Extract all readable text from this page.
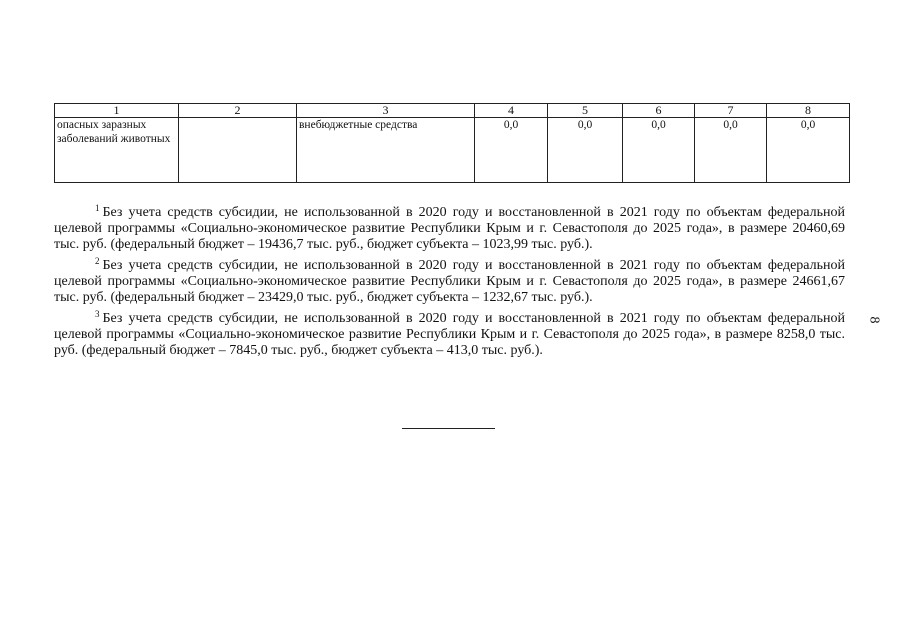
1	2	3	4	5	6	7	8
опасных заразных заболеваний животных		внебюджетные средства	0,0	0,0	0,0	0,0	0,0

$^1$ Без учета средств субсидии, не использованной в 2020 году и восстановленной в 2021 году по объектам федеральной целевой программы «Социально-экономическое развитие Республики Крым и г. Севастополя до 2025 года», в размере 20460,69 тыс. руб. (федеральный бюджет – 19436,7 тыс. руб., бюджет субъекта – 1023,99 тыс. руб.).

$^2$ Без учета средств субсидии, не использованной в 2020 году и восстановленной в 2021 году по объектам федеральной целевой программы «Социально-экономическое развитие Республики Крым и г. Севастополя до 2025 года», в размере 24661,67 тыс. руб. (федеральный бюджет – 23429,0 тыс. руб., бюджет субъекта – 1232,67 тыс. руб.).

$^3$ Без учета средств субсидии, не использованной в 2020 году и восстановленной в 2021 году по объектам федеральной целевой программы «Социально-экономическое развитие Республики Крым и г. Севастополя до 2025 года», в размере 8258,0 тыс. руб. (федеральный бюджет – 7845,0 тыс. руб., бюджет субъекта – 413,0 тыс. руб.).

8
